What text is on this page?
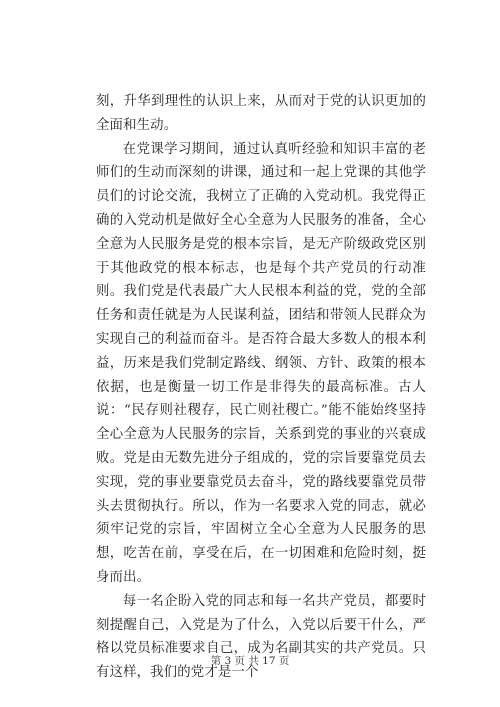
刻，升华到理性的认识上来，从而对于党的认识更加的全面和生动。

在党课学习期间，通过认真听经验和知识丰富的老师们的生动而深刻的讲课，通过和一起上党课的其他学员们的讨论交流，我树立了正确的入党动机。我党得正确的入党动机是做好全心全意为人民服务的准备，全心全意为人民服务是党的根本宗旨，是无产阶级政党区别于其他政党的根本标志，也是每个共产党员的行动准则。我们党是代表最广大人民根本利益的党，党的全部任务和责任就是为人民谋利益，团结和带领人民群众为实现自己的利益而奋斗。是否符合最大多数人的根本利益，历来是我们党制定路线、纲领、方针、政策的根本依据，也是衡量一切工作是非得失的最高标准。古人说：“民存则社稷存，民亡则社稷亡。”能不能始终坚持全心全意为人民服务的宗旨，关系到党的事业的兴衰成败。党是由无数先进分子组成的，党的宗旨要靠党员去实现，党的事业要靠党员去奋斗，党的路线要靠党员带头去贯彻执行。所以，作为一名要求入党的同志，就必须牢记党的宗旨，牢固树立全心全意为人民服务的思想，吃苦在前，享受在后，在一切困难和危险时刻，挺身而出。

每一名企盼入党的同志和每一名共产党员，都要时刻提醒自己，入党是为了什么，入党以后要干什么，严格以党员标准要求自己，成为名副其实的共产党员。只有这样，我们的党才是一个

第 3 页 共 17 页
